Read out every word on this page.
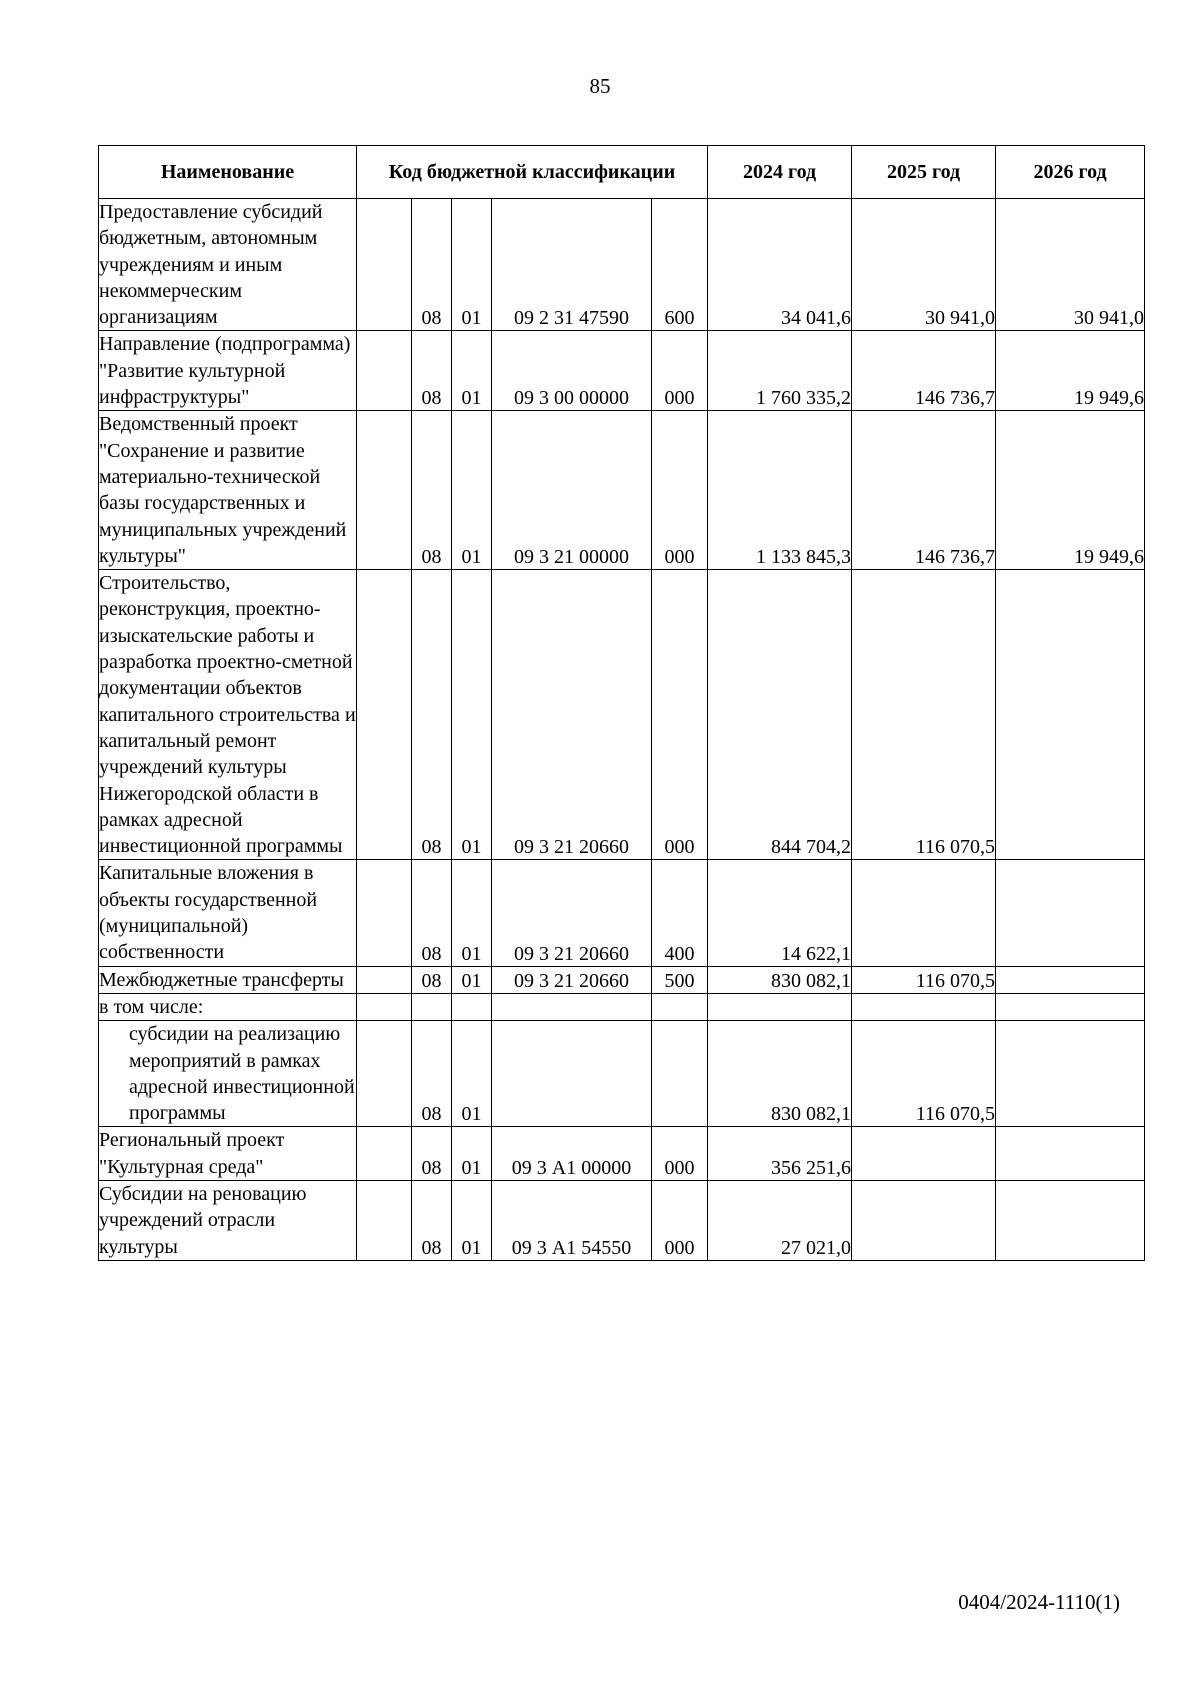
85
Наименование	Код бюджетной классификации					2024 год	2025 год	2026 год
Предоставление субсидий бюджетным, автономным учреждениям и иным некоммерческим организациям		08	01	09 2 31 47590	600	34 041,6	30 941,0	30 941,0
Направление (подпрограмма) "Развитие культурной инфраструктуры"		08	01	09 3 00 00000	000	1 760 335,2	146 736,7	19 949,6
Ведомственный проект "Сохранение и развитие материально-технической базы государственных и муниципальных учреждений культуры"		08	01	09 3 21 00000	000	1 133 845,3	146 736,7	19 949,6
Строительство, реконструкция, проектно-изыскательские работы и разработка проектно-сметной документации объектов капитального строительства и капитальный ремонт учреждений культуры Нижегородской области в рамках адресной инвестиционной программы		08	01	09 3 21 20660	000	844 704,2	116 070,5	
Капитальные вложения в объекты государственной (муниципальной) собственности		08	01	09 3 21 20660	400	14 622,1		
Межбюджетные трансферты		08	01	09 3 21 20660	500	830 082,1	116 070,5	
в том числе:								
субсидии на реализацию мероприятий в рамках адресной инвестиционной программы		08	01			830 082,1	116 070,5	
Региональный проект "Культурная среда"		08	01	09 3 А1 00000	000	356 251,6		
Субсидии на реновацию учреждений отрасли культуры		08	01	09 3 А1 54550	000	27 021,0		
0404/2024-1110(1)
